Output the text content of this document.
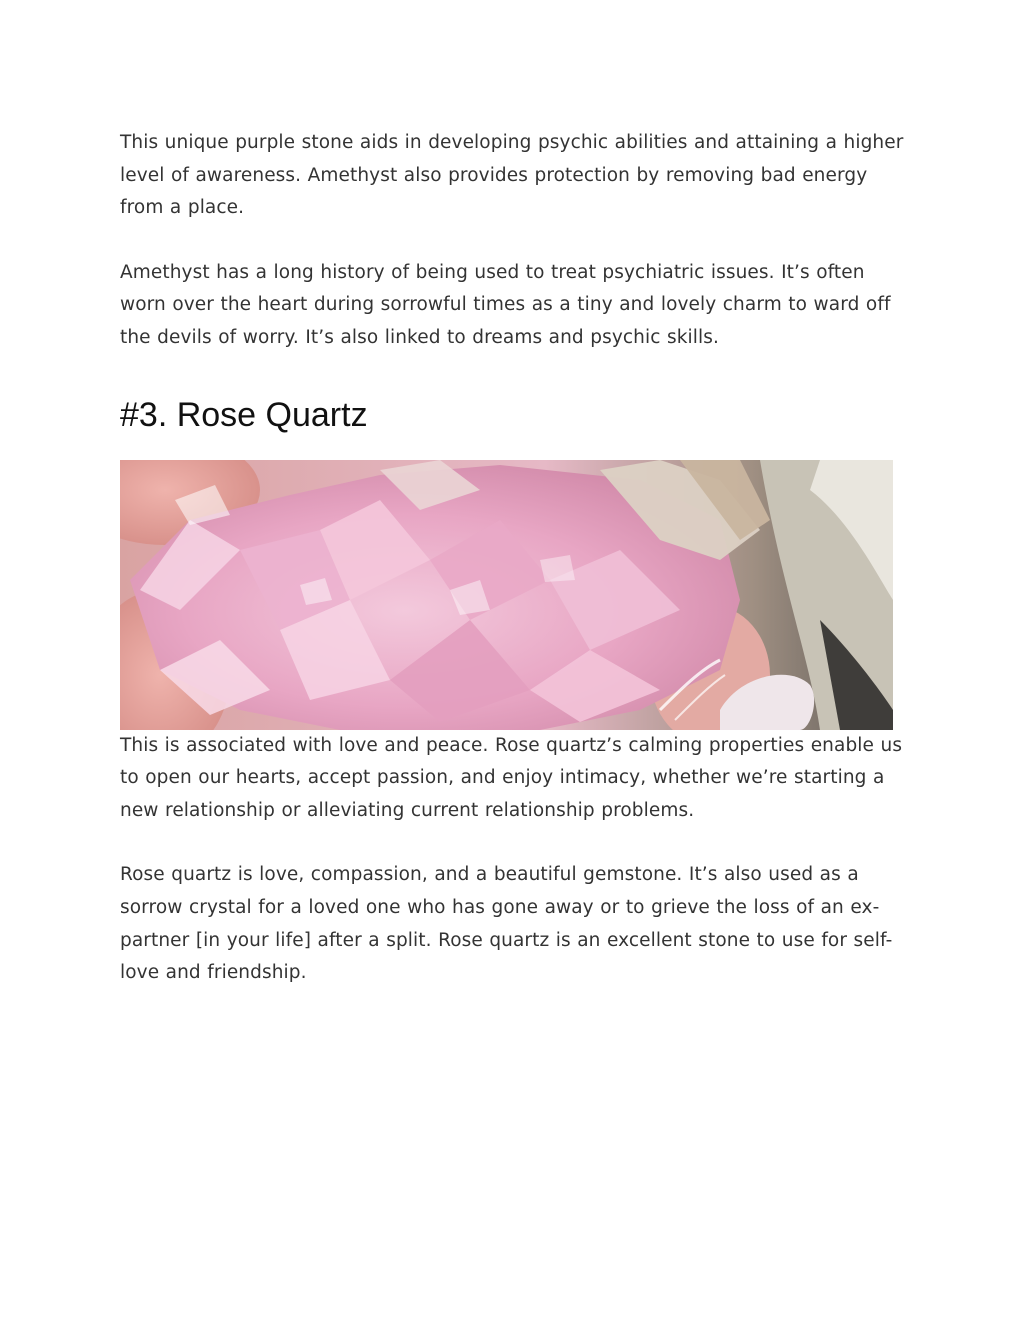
This unique purple stone aids in developing psychic abilities and attaining a higher level of awareness. Amethyst also provides protection by removing bad energy from a place.

Amethyst has a long history of being used to treat psychiatric issues. It’s often worn over the heart during sorrowful times as a tiny and lovely charm to ward off the devils of worry. It’s also linked to dreams and psychic skills.

#3. Rose Quartz

This is associated with love and peace. Rose quartz’s calming properties enable us to open our hearts, accept passion, and enjoy intimacy, whether we’re starting a new relationship or alleviating current relationship problems.

Rose quartz is love, compassion, and a beautiful gemstone. It’s also used as a sorrow crystal for a loved one who has gone away or to grieve the loss of an ex-partner [in your life] after a split. Rose quartz is an excellent stone to use for self-love and friendship.
